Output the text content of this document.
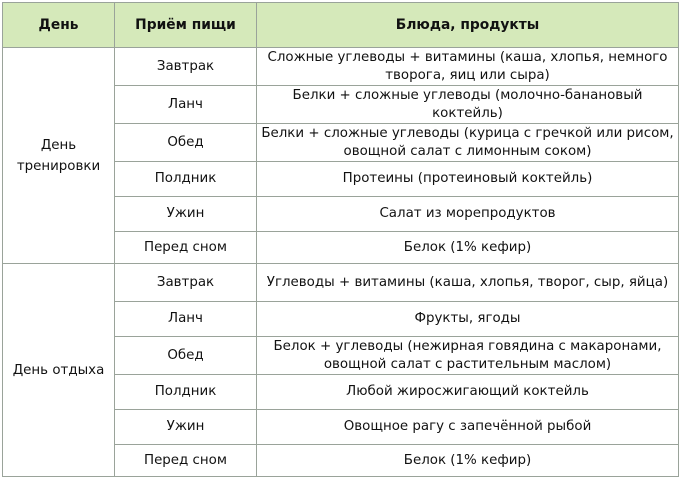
День	Приём пищи	Блюда, продукты
День тренировки	Завтрак	Сложные углеводы + витамины (каша, хлопья, немного творога, яиц или сыра)
	Ланч	Белки + сложные углеводы (молочно-банановый коктейль)
	Обед	Белки + сложные углеводы (курица с гречкой или рисом, овощной салат с лимонным соком)
	Полдник	Протеины (протеиновый коктейль)
	Ужин	Салат из морепродуктов
	Перед сном	Белок (1% кефир)
День отдыха	Завтрак	Углеводы + витамины (каша, хлопья, творог, сыр, яйца)
	Ланч	Фрукты, ягоды
	Обед	Белок + углеводы (нежирная говядина с макаронами, овощной салат с растительным маслом)
	Полдник	Любой жиросжигающий коктейль
	Ужин	Овощное рагу с запечённой рыбой
	Перед сном	Белок (1% кефир)
